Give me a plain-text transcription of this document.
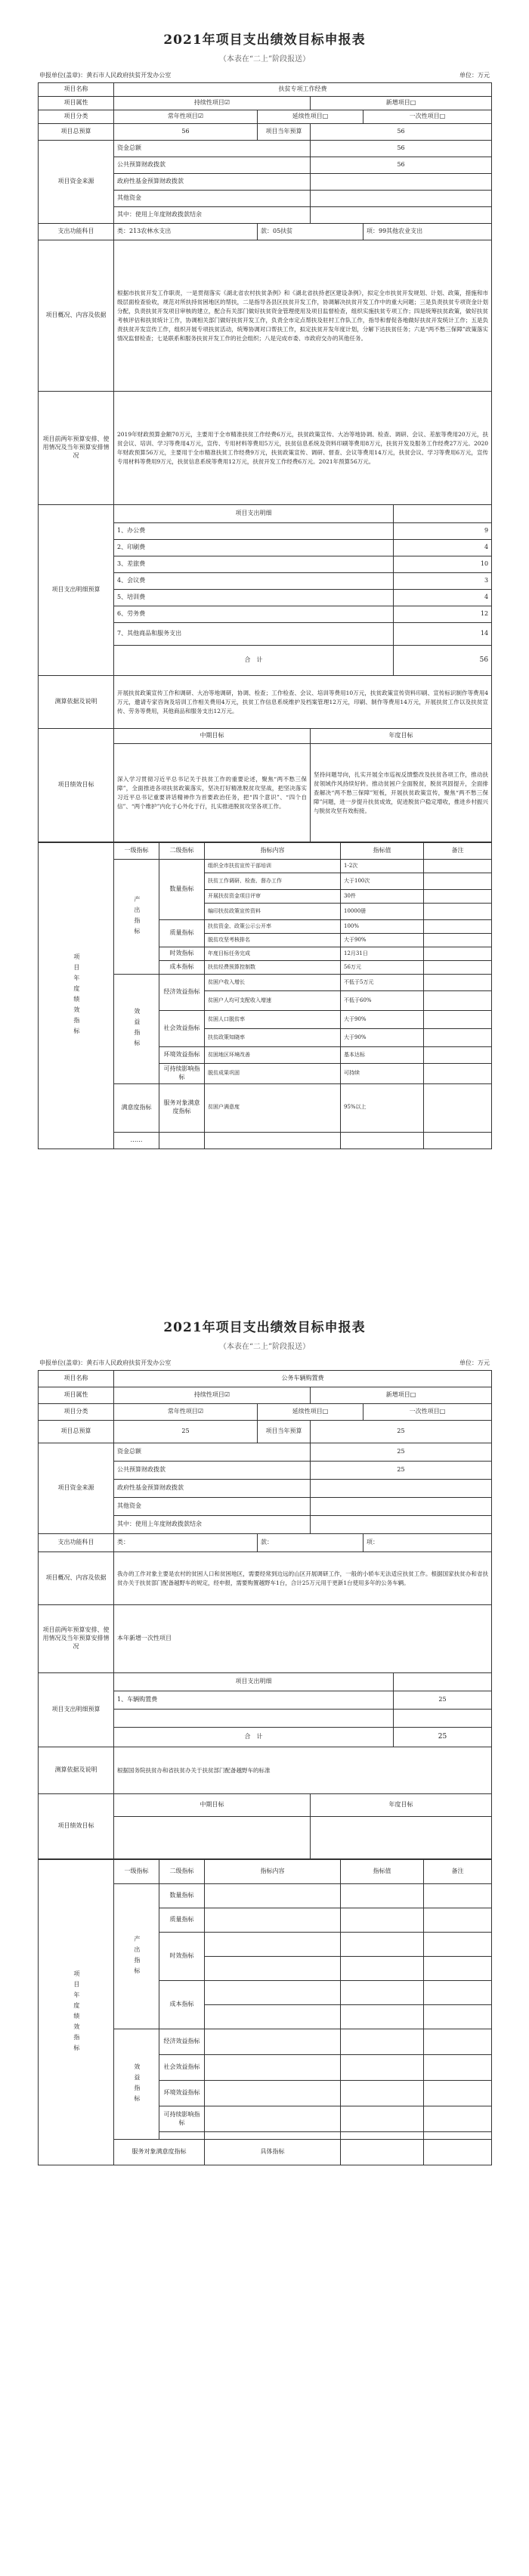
2021年项目支出绩效目标申报表
（本表在“二上”阶段报送）
申报单位(盖章)：黄石市人民政府扶贫开发办公室	单位：万元
项目名称	扶贫专项工作经费				
项目属性	持续性项目☑		新增项目□		
项目分类	常年性项目☑	延续性项目□		一次性项目□	
项目总预算	56	项目当年预算	56		
项目资金来源	资金总额		56		
	公共预算财政拨款		56		
	政府性基金预算财政拨款				
	其他资金				
	其中：使用上年度财政拨款结余				
支出功能科目	类：213农林水支出	款：05扶贫		项：99其他农业支出	
项目概况、内容及依据	根据市扶贫开发工作职责，一是贯彻落实《湖北省农村扶贫条例》和《湖北省扶持老区建设条例》，拟定全市扶贫开发规划、计划、政策，措施和市级层面检查验收，规范对所扶持贫困地区的帮扶，二是指导各县区扶贫开发工作，协调解决扶贫开发工作中的重大问题；三是负责扶贫专项资金计划分配，负责扶贫开发项目审核的建立，配合有关部门做好扶贫资金管理使用及项目监督检查，组织实施扶贫专项工作；四是统筹扶贫政策，做好扶贫考核评估和扶贫统计工作，协调相关部门做好扶贫开发工作，负责全市定点帮扶及驻村工作队工作，指导和督促各地做好扶贫开发统计工作；五是负责扶贫开发宣传工作，组织开展专项扶贫活动，统筹协调对口帮扶工作，拟定扶贫开发年度计划，分解下达扶贫任务；六是“两不愁三保障”政策落实情况监督检查；七是联系和服务扶贫开发工作的社会组织；八是完成市委、市政府交办的其他任务。				
项目前两年预算安排、使用情况及当年预算安排情况	2019年财政预算金额70万元，主要用于全市精准扶贫工作经费6万元，扶贫政策宣传、大冶等地协调、检查、调研、会议、差旅等费用20万元，扶贫会议、培训、学习等费用4万元，宣传、专用材料等费用5万元，扶贫信息系统及资料印刷等费用8万元，扶贫开发及服务工作经费27万元。2020年财政预算56万元，主要用于全市精准扶贫工作经费9万元，扶贫政策宣传、调研、督查、会议等费用14万元，扶贫会议、学习等费用6万元，宣传专用材料等费用9万元，扶贫信息系统等费用12万元，扶贫开发工作经费6万元。2021年预算56万元。				
项目支出明细预算	项目支出明细				
	1、办公费				9
	2、印刷费				4
	3、差旅费				10
	4、会议费				3
	5、培训费				4
	6、劳务费				12
	7、其他商品和服务支出				14
	合　计				56
测算依据及说明	开展扶贫政策宣传工作和调研、大冶等地调研，协调、检查；工作检查、会议、培训等费用10万元，扶贫政策宣传资料印刷、宣传标识制作等费用4万元，邀请专家咨询及培训工作相关费用4万元，扶贫工作信息系统维护及档案管理12万元，印刷、制作等费用14万元，开展扶贫工作以及扶贫宣传、劳务等费用，其他商品和服务支出12万元。				
项目绩效目标	中期目标		年度目标		
	深入学习贯彻习近平总书记关于扶贫工作的重要论述，聚焦“两不愁三保障”，全面推进各项扶贫政策落实，坚决打好精准脱贫攻坚战，把坚决落实习近平总书记重要讲话精神作为首要政治任务，把“四个意识”、“四个自信”、“两个维护”内化于心外化于行，扎实推进脱贫攻坚各项工作。		坚持问题导向，扎实开展全市巡视反馈整改及扶贫各项工作，推动扶贫领域作风持续好转。推动贫困户全面脱贫，脱贫巩固提升，全面排查解决“两不愁三保障”短板，开展扶贫政策宣传，聚焦“两不愁三保障”问题，进一步提升扶贫成效，促进脱贫户稳定增收，推进乡村振兴与脱贫攻坚有效衔接。		
项目年度绩效指标	一级指标	二级指标	指标内容	指标值	备注

	产出指标	数量指标	组织全市扶贫宣传干部培训	1-2次	
			扶贫工作调研、检查、督办工作	大于100次	
			开展扶贫资金项目评审	30件	
			编印扶贫政策宣传资料	10000册	
		质量指标	扶贫资金、政策公示公开率	100%	
			脱贫攻坚考核排名	大于90%	
		时效指标	年度目标任务完成	12月31日	
		成本指标	扶贫经费预算控制数	56万元	

	效益指标	经济效益指标	贫困户收入增长	不低于5万元	
			贫困户人均可支配收入增速	不低于60%	
		社会效益指标	贫困人口脱贫率	大于90%	
			扶贫政策知晓率	大于90%	
		环境效益指标	贫困地区环境改善	基本达标	
		可持续影响指标	脱贫成果巩固	可持续	
	满意度指标	服务对象满意度指标	贫困户满意度	95%以上	
	……				
2021年项目支出绩效目标申报表
（本表在“二上”阶段报送）
申报单位(盖章)：黄石市人民政府扶贫开发办公室	单位：万元
项目名称	公务车辆购置费				
项目属性	持续性项目☑		新增项目□		
项目分类	常年性项目☑	延续性项目□		一次性项目□	
项目总预算	25	项目当年预算	25		
项目资金来源	资金总额		25		
	公共预算财政拨款		25		
	政府性基金预算财政拨款				
	其他资金				
	其中：使用上年度财政拨款结余				
支出功能科目	类：	款：		项：	
项目概况、内容及依据	我办的工作对象主要是农村的贫困人口和贫困地区，需要经常到边远的山区开展调研工作，一般的小轿车无法适应扶贫工作。根据国家扶贫办和省扶贫办关于扶贫部门配备越野车的规定，经申报，需要购置越野车1台，合计25万元用于更新1台使用多年的公务车辆。				
项目前两年预算安排、使用情况及当年预算安排情况	本年新增一次性项目				
项目支出明细预算	项目支出明细				
	1、车辆购置费				25

	合　计				25
测算依据及说明	根据国务院扶贫办和省扶贫办关于扶贫部门配备越野车的标准				
项目绩效目标	中期目标		年度目标		

项目年度绩效指标	一级指标	二级指标	指标内容	指标值	备注

	产出指标	数量指标			
		质量指标			
		时效指标			

		成本指标			

	效益指标	经济效益指标			
		社会效益指标			
		环境效益指标			
		可持续影响指标			

	服务对象满意度指标		具体指标		
